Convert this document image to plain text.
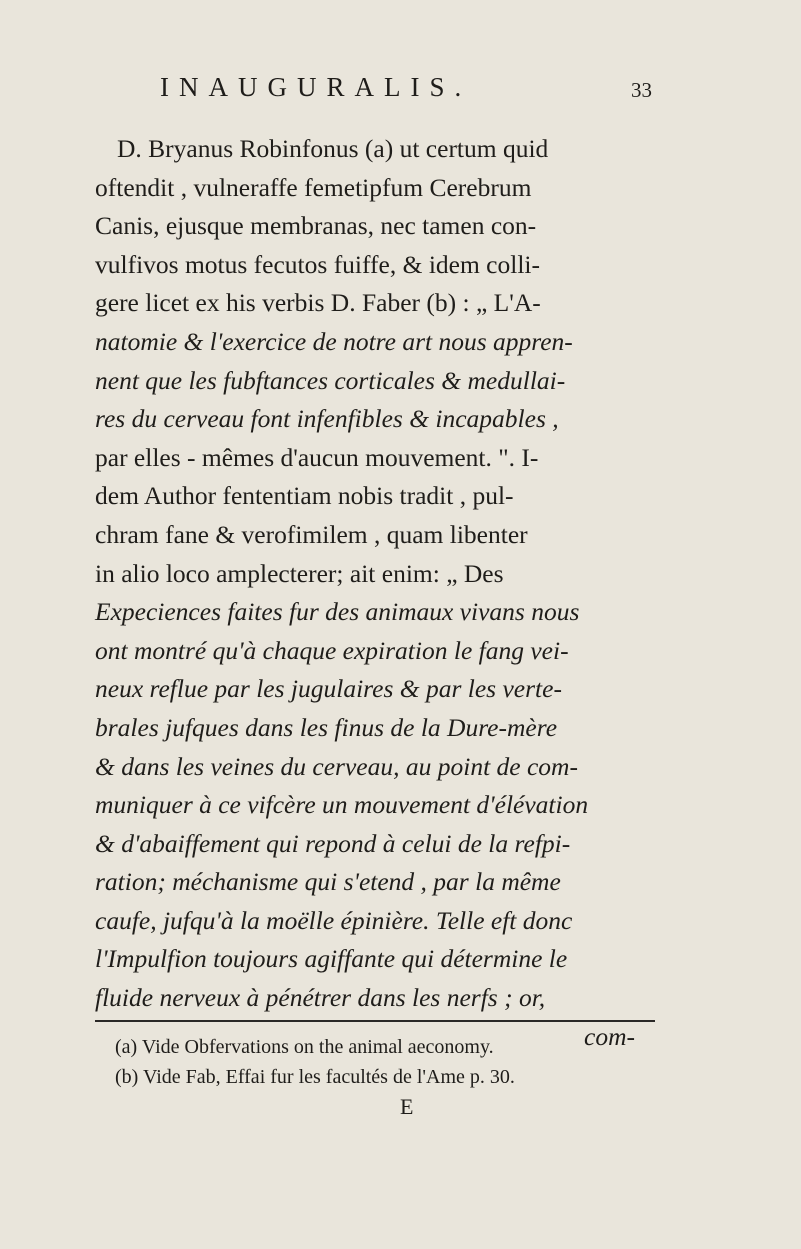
INAUGURALIS.	33
D. Bryanus Robinfonus (a) ut certum quid
oftendit , vulneraffe femetipfum Cerebrum
Canis, ejusque membranas, nec tamen con-
vulfivos motus fecutos fuiffe, & idem colli-
gere licet ex his verbis D. Faber (b) : „ L'A-
natomie & l'exercice de notre art nous appren-
nent que les fubftances corticales & medullai-
res du cerveau font infenfibles & incapables ,
par elles - mêmes d'aucun mouvement. ". I-
dem Author fententiam nobis tradit , pul-
chram fane & verofimilem , quam libenter
in alio loco amplecterer; ait enim: „ Des
Expeciences faites fur des animaux vivans nous
ont montré qu'à chaque expiration le fang vei-
neux reflue par les jugulaires & par les verte-
brales jufques dans les finus de la Dure-mère
& dans les veines du cerveau, au point de com-
muniquer à ce vifcère un mouvement d'élévation
& d'abaiffement qui repond à celui de la refpi-
ration; méchanisme qui s'etend , par la même
caufe, jufqu'à la moëlle épinière. Telle eft donc
l'Impulfion toujours agiffante qui détermine le
fluide nerveux à pénétrer dans les nerfs ; or,
com-
(a) Vide Obfervations on the animal aeconomy.
(b) Vide Fab, Effai fur les facultés de l'Ame p. 30.
E
